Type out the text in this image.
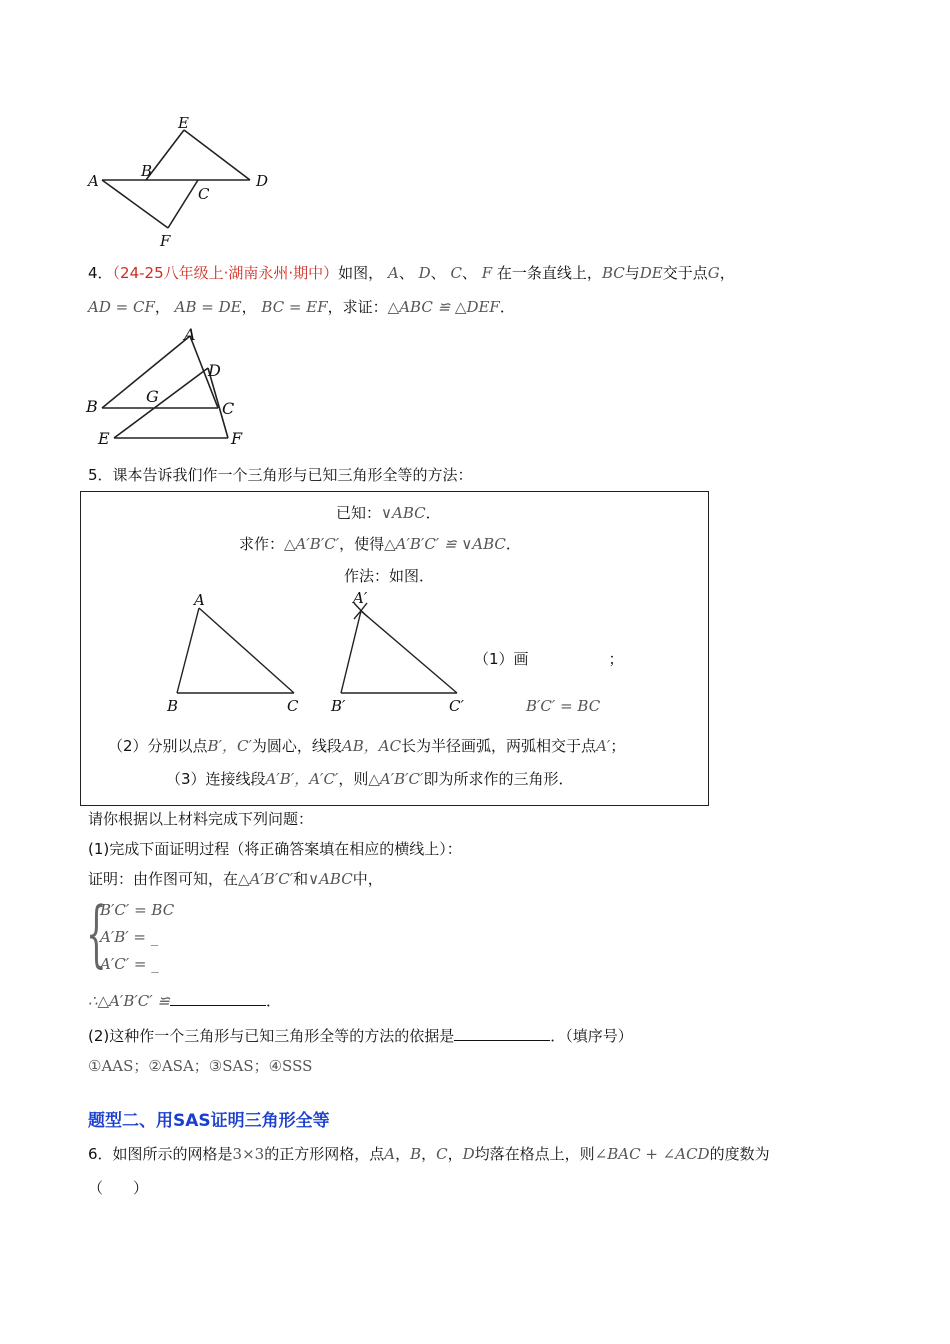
E
B
A
C
D
F
4．（24-25八年级上·湖南永州·期中）如图， A、 D、 C、 F 在一条直线上，BC与DE交于点G，
AD = CF， AB = DE， BC = EF，求证：△ABC ≌ △DEF．
A
D
B
G
C
E	F
5．课本告诉我们作一个三角形与已知三角形全等的方法：
已知：∨ABC．
求作：△A′B′C′，使得△A′B′C′ ≌ ∨ABC．
作法：如图．
A
B	C
A′
B′	C′
（1）画	；
B′C′ = BC
（2）分别以点B′，C′为圆心，线段AB，AC长为半径画弧，两弧相交于点A′；
（3）连接线段A′B′，A′C′，则△A′B′C′即为所求作的三角形．
请你根据以上材料完成下列问题：
(1)完成下面证明过程（将正确答案填在相应的横线上）：
证明：由作图可知，在△A′B′C′和∨ABC中，
{
B′C′ = BC
A′B′ = _
A′C′ = _
∴△A′B′C′ ≌	．
(2)这种作一个三角形与已知三角形全等的方法的依据是	．（填序号）
①AAS；②ASA；③SAS；④SSS
题型二、用SAS证明三角形全等
6．如图所示的网格是3×3的正方形网格，点A，B，C，D均落在格点上，则∠BAC + ∠ACD的度数为
（　　）
